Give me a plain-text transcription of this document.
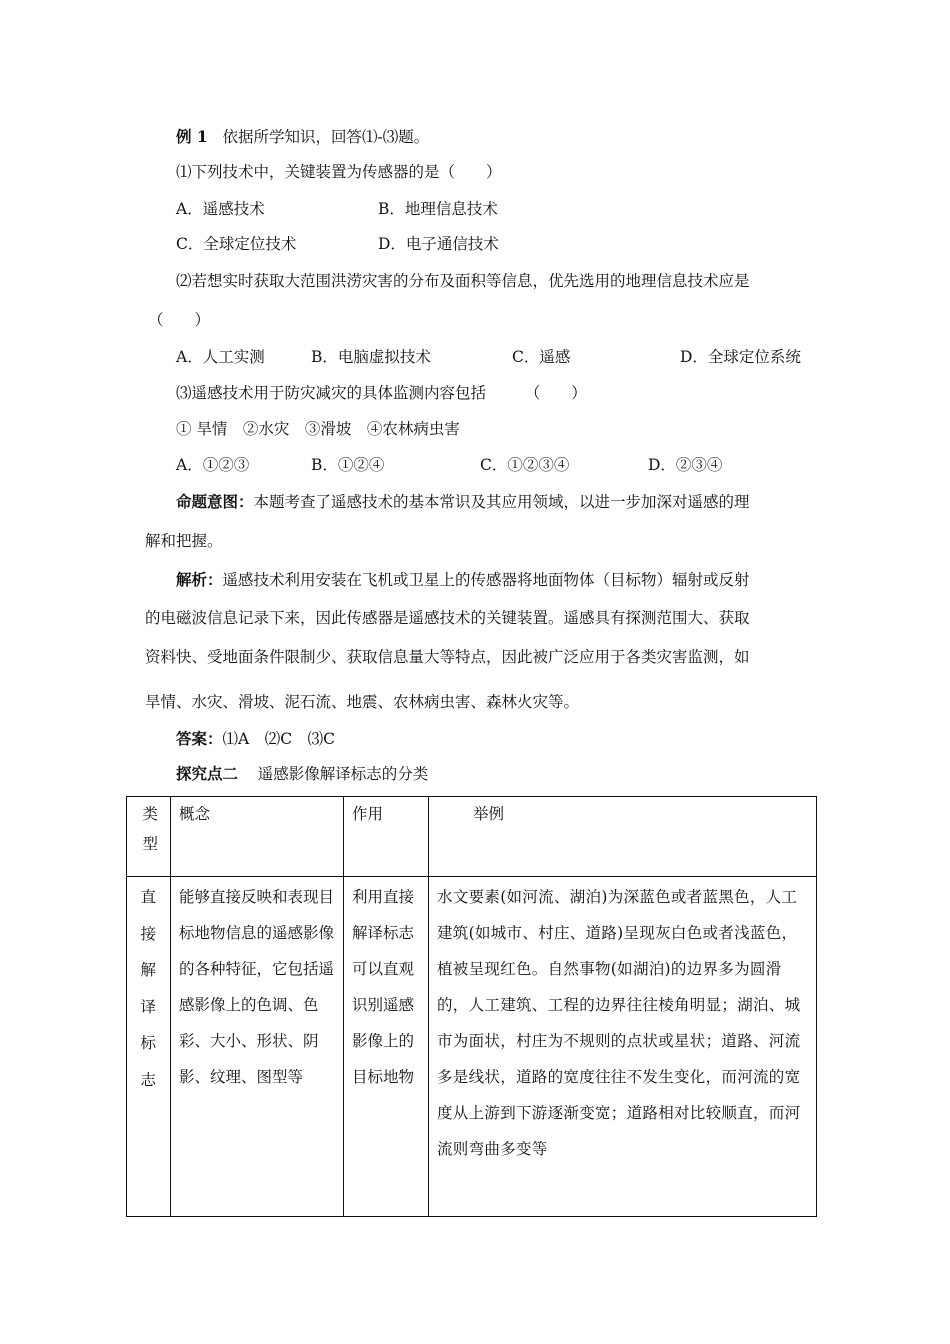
例 1 依据所学知识，回答⑴-⑶题。
⑴下列技术中，关键装置为传感器的是（　　）
A．遥感技术	B．地理信息技术
C．全球定位技术	D．电子通信技术
⑵若想实时获取大范围洪涝灾害的分布及面积等信息，优先选用的地理信息技术应是
（　　）
A．人工实测	B．电脑虚拟技术	C．遥感	D．全球定位系统
⑶遥感技术用于防灾减灾的具体监测内容包括　　　（　　）
① 旱情　②水灾　③滑坡　④农林病虫害
A．①②③	B．①②④	C．①②③④	D．②③④
命题意图：本题考查了遥感技术的基本常识及其应用领域，以进一步加深对遥感的理
解和把握。
解析：遥感技术利用安装在飞机或卫星上的传感器将地面物体（目标物）辐射或反射
的电磁波信息记录下来，因此传感器是遥感技术的关键装置。遥感具有探测范围大、获取
资料快、受地面条件限制少、获取信息量大等特点，因此被广泛应用于各类灾害监测，如
旱情、水灾、滑坡、泥石流、地震、农林病虫害、森林火灾等。
答案：⑴A　⑵C　⑶C
探究点二 遥感影像解译标志的分类
类型	概念	作用	举例

直接解译标志	能够直接反映和表现目标地物信息的遥感影像的各种特征，它包括遥感影像上的色调、色彩、大小、形状、阴影、纹理、图型等	利用直接解译标志可以直观识别遥感影像上的目标地物	水文要素(如河流、湖泊)为深蓝色或者蓝黑色，人工建筑(如城市、村庄、道路)呈现灰白色或者浅蓝色，植被呈现红色。自然事物(如湖泊)的边界多为圆滑的，人工建筑、工程的边界往往棱角明显；湖泊、城市为面状，村庄为不规则的点状或星状；道路、河流多是线状，道路的宽度往往不发生变化，而河流的宽度从上游到下游逐渐变宽；道路相对比较顺直，而河流则弯曲多变等
